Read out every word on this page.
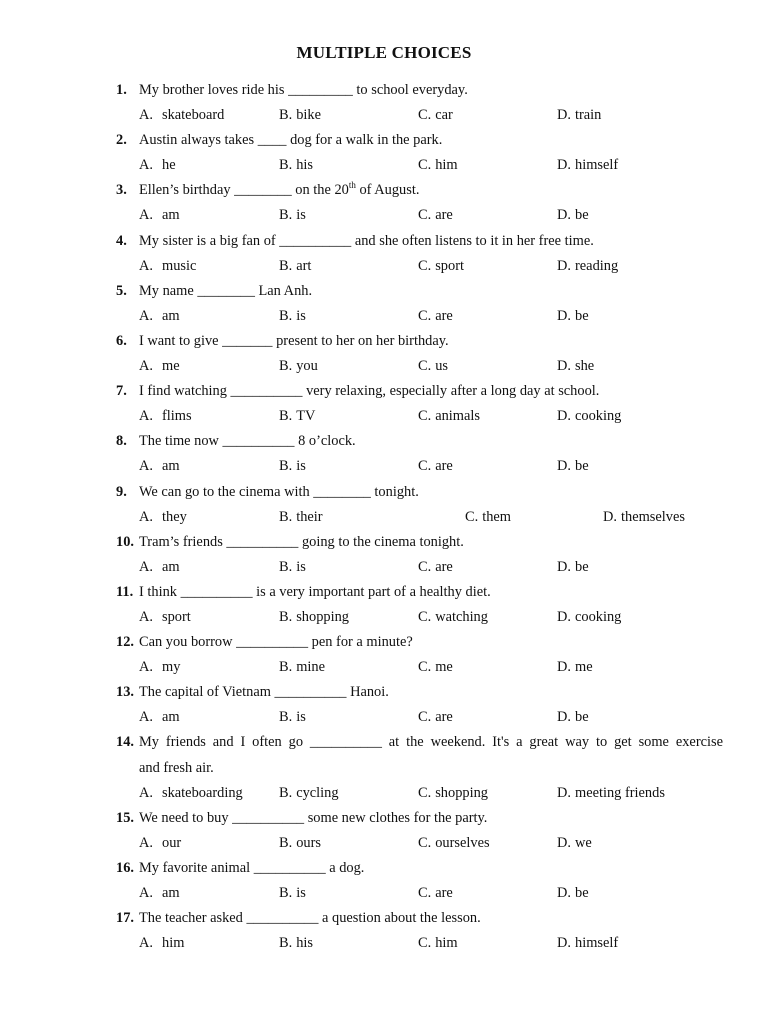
MULTIPLE CHOICES
1. My brother loves ride his _________ to school everyday.
A. skateboard	B. bike	C. car	D. train
2. Austin always takes ____ dog for a walk in the park.
A. he	B. his	C. him	D. himself
3. Ellen’s birthday ________ on the 20th of August.
A. am	B. is	C. are	D. be
4. My sister is a big fan of __________ and she often listens to it in her free time.
A. music	B. art	C. sport	D. reading
5. My name ________ Lan Anh.
A. am	B. is	C. are	D. be
6. I want to give _______ present to her on her birthday.
A. me	B. you	C. us	D. she
7. I find watching __________ very relaxing, especially after a long day at school.
A. flims	B. TV	C. animals	D. cooking
8. The time now __________ 8 o’clock.
A. am	B. is	C. are	D. be
9. We can go to the cinema with ________ tonight.
A. they	B. their	C. them	D. themselves
10. Tram’s friends __________ going to the cinema tonight.
A. am	B. is	C. are	D. be
11. I think __________ is a very important part of a healthy diet.
A. sport	B. shopping	C. watching	D. cooking
12. Can you borrow __________ pen for a minute?
A. my	B. mine	C. me	D. me
13. The capital of Vietnam __________ Hanoi.
A. am	B. is	C. are	D. be
14. My friends and I often go __________ at the weekend. It's a great way to get some exercise
and fresh air.
A. skateboarding	B. cycling	C. shopping	D. meeting friends
15. We need to buy __________ some new clothes for the party.
A. our	B. ours	C. ourselves	D. we
16. My favorite animal __________ a dog.
A. am	B. is	C. are	D. be
17. The teacher asked __________ a question about the lesson.
A. him	B. his	C. him	D. himself
